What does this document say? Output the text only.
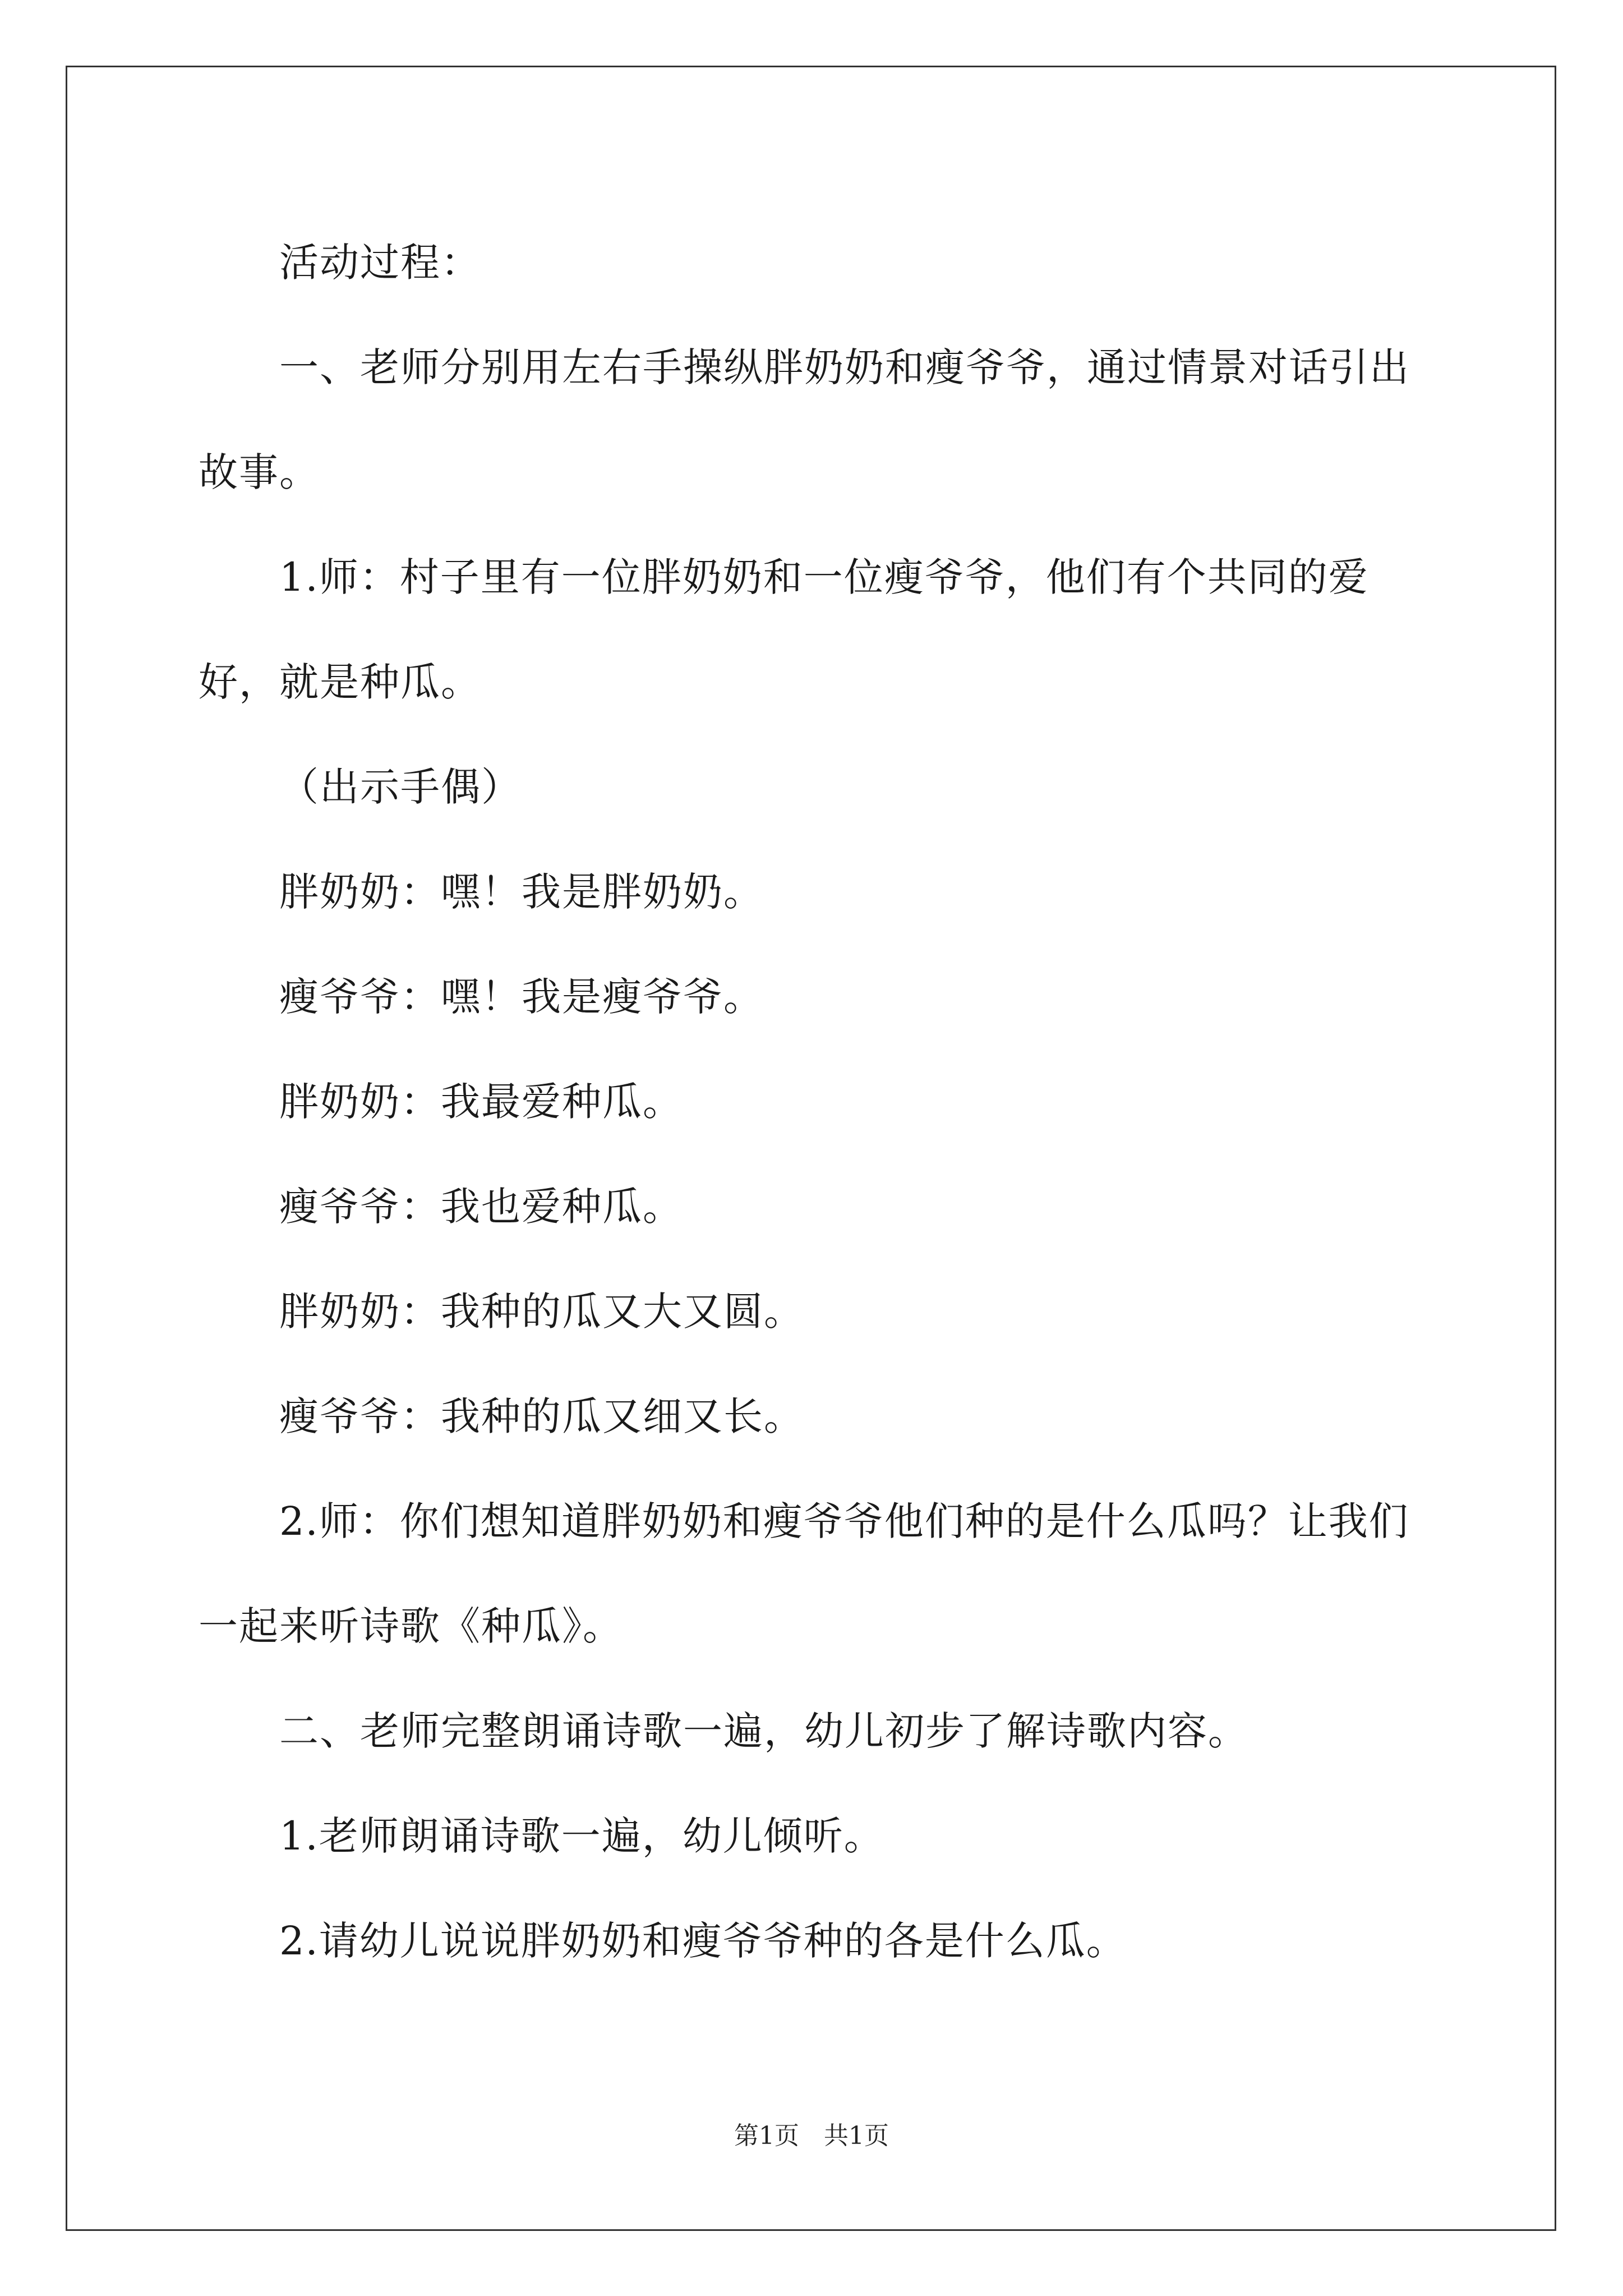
活动过程：

一、老师分别用左右手操纵胖奶奶和瘦爷爷，通过情景对话引出故事。

1.师：村子里有一位胖奶奶和一位瘦爷爷，他们有个共同的爱好，就是种瓜。

（出示手偶）

胖奶奶：嘿！我是胖奶奶。

瘦爷爷：嘿！我是瘦爷爷。

胖奶奶：我最爱种瓜。

瘦爷爷：我也爱种瓜。

胖奶奶：我种的瓜又大又圆。

瘦爷爷：我种的瓜又细又长。

2.师：你们想知道胖奶奶和瘦爷爷他们种的是什么瓜吗？让我们一起来听诗歌《种瓜》。

二、老师完整朗诵诗歌一遍，幼儿初步了解诗歌内容。

1.老师朗诵诗歌一遍，幼儿倾听。

2.请幼儿说说胖奶奶和瘦爷爷种的各是什么瓜。

第1页　共1页
